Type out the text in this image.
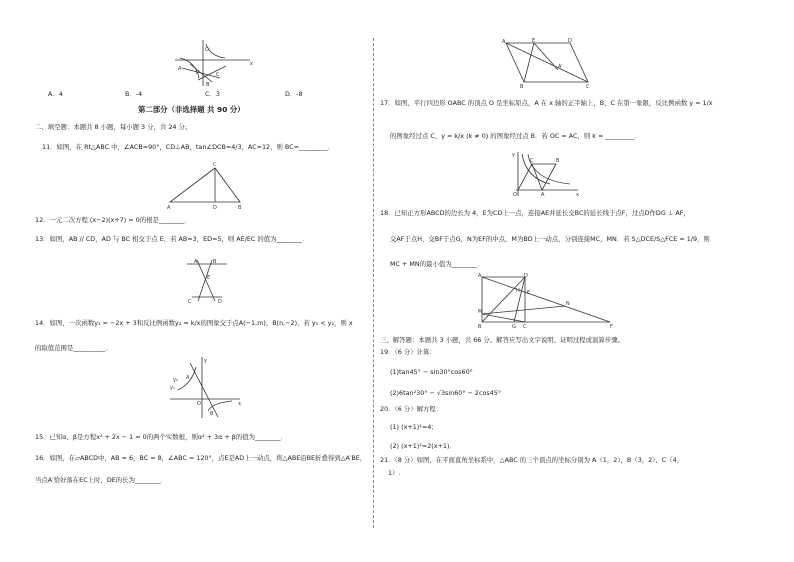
O
x
A
B
C
P
A．4	B．-4	C．3	D．-8
第二部分（非选择题 共 90 分）
二、填空题：本题共 8 小题，每小题 3 分，共 24 分。
11．如图，在 Rt△ABC 中，∠ACB=90°，CD⊥AB，tan∠DCB=4/3，AC=12，则 BC=_________．
A	B
C
D
12．一元二次方程 (x−2)(x+7) = 0的根是________．
13．如图，AB // CD，AD 与 BC 相交于点 E，若 AB=3，ED=5，则 AE/EC 的值为________．
A	B
C	D
E
14．如图，一次函数y₁ = −2x + 3和反比例函数y₂ = k/x的图象交于点A(−1,m)，B(n,−2)，若 y₁ < y₂，则 x
的取值范围是__________．
x
y
O
A
B
y₁
y₂
15．已知α、β是方程x² + 2x − 1 = 0的两个实数根，则α² + 3α + β的值为________．
16．如图，在▱ABCD中，AB = 6，BC = 8，∠ABC = 120°，点E是AD上一动点，将△ABE沿BE折叠得到△A′BE，
当点A′恰好落在EC上时，DE的长为________．
A
B	C
D
E
A′
17．如图，平行四边形 OABC 的顶点 O 是坐标原点，A 在 x 轴的正半轴上，B，C 在第一象限，反比例函数 y = 1/x
的图象经过点 C，y = k/x (k ≠ 0) 的图象经过点 B．若 OC = AC，则 k = _________．
x
y
O	A
B
C
18．已知正方形ABCD的边长为 4，E为CD上一点，连接AE并延长交BC的延长线于点F，过点D作DG ⊥ AF，
交AF于点H，交BF于点G，N为EF的中点，M为BD上一动点，分别连接MC，MN．若 S△DCE/S△FCE = 1/9，则
MC + MN的最小值为________．
A
B	C
D
E
F
G
H
M
N
三、解答题：本题共 3 小题，共 66 分。解答应写出文字说明、证明过程或演算步骤。
19．（6 分）计算：
(1)tan45° − sin30°cos60°
(2)6tan²30° − √3sin60° − 2cos45°
20．（6 分）解方程：
(1) (x+1)²=4；
(2) (x+1)²=2(x+1)．
21．（8 分）如图，在平面直角坐标系中，△ABC 的三个顶点的坐标分别为 A（1，2），B（3，2），C（4，
1）.
